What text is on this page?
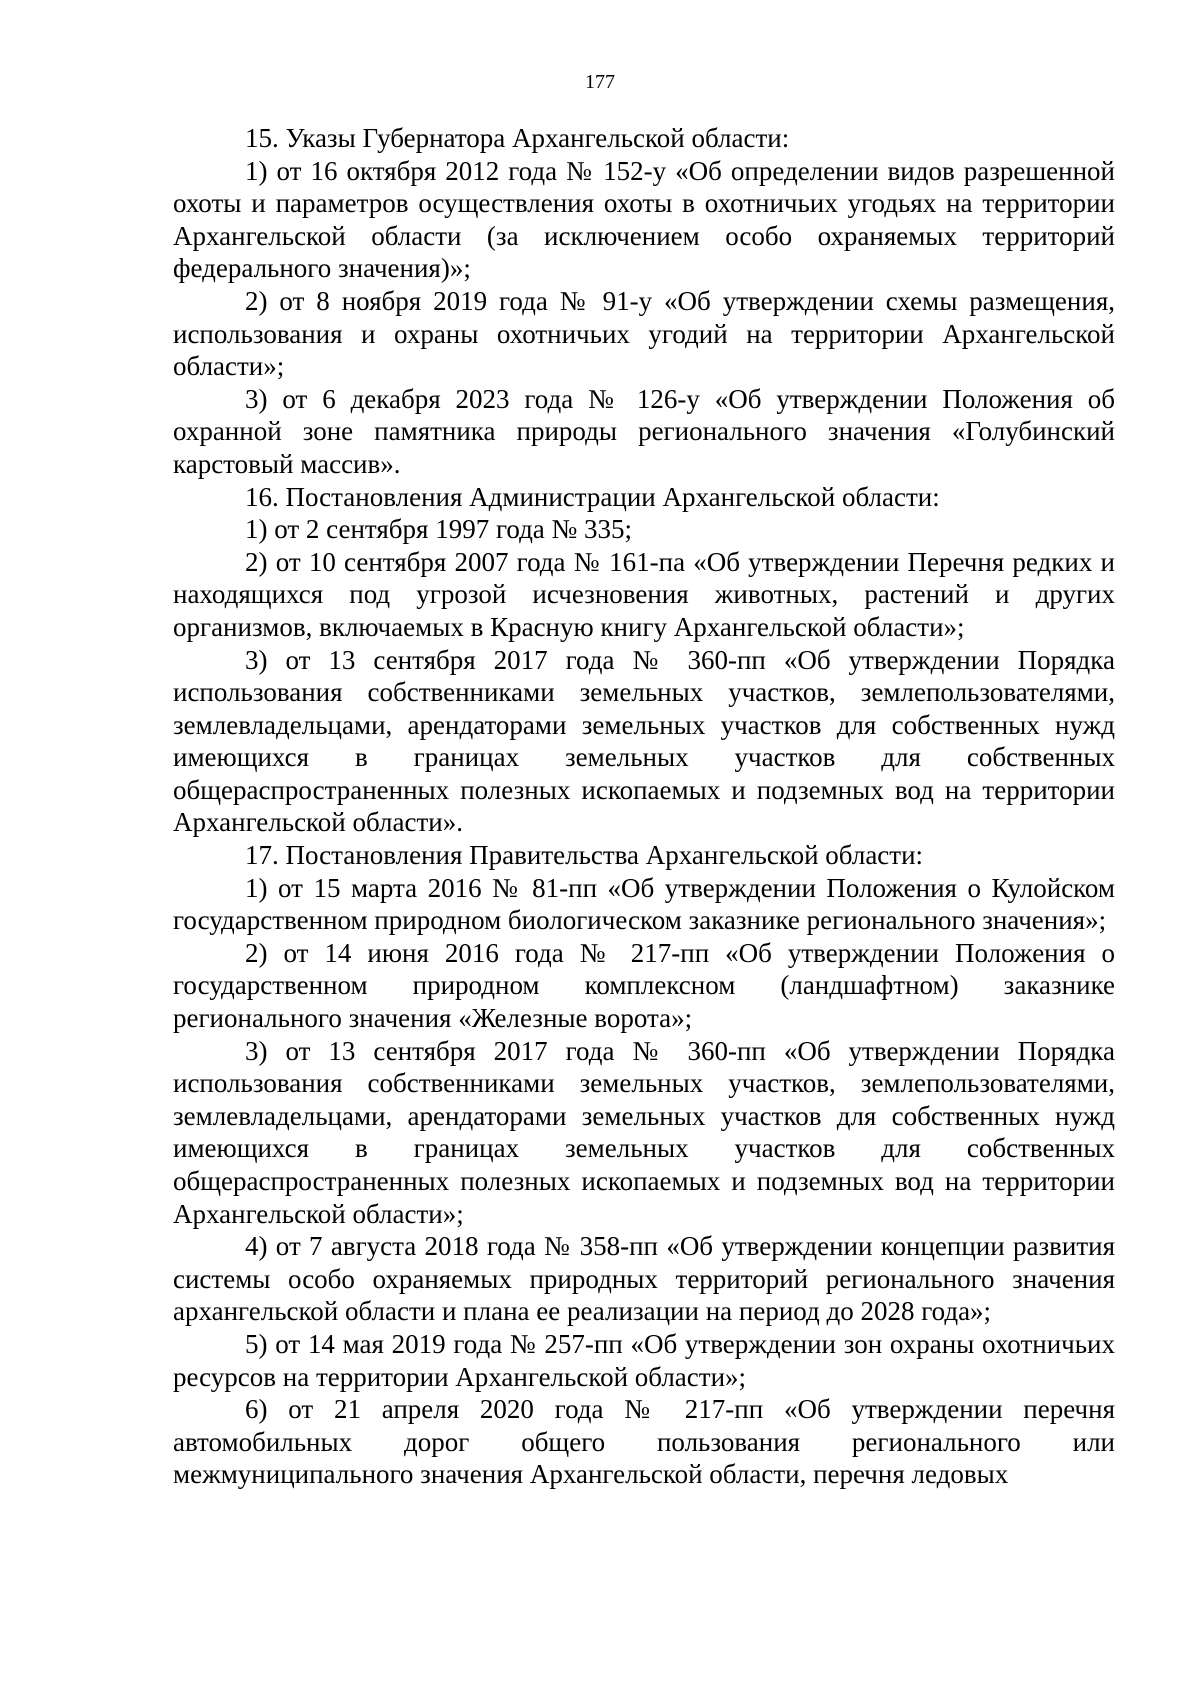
177

15. Указы Губернатора Архангельской области:

1) от 16 октября 2012 года № 152-у «Об определении видов разрешенной охоты и параметров осуществления охоты в охотничьих угодьях на территории Архангельской области (за исключением особо охраняемых территорий федерального значения)»;

2) от 8 ноября 2019 года № 91-у «Об утверждении схемы размещения, использования и охраны охотничьих угодий на территории Архангельской области»;

3) от 6 декабря 2023 года № 126-у «Об утверждении Положения об охранной зоне памятника природы регионального значения «Голубинский карстовый массив».

16. Постановления Администрации Архангельской области:

1) от 2 сентября 1997 года № 335;

2) от 10 сентября 2007 года № 161-па «Об утверждении Перечня редких и находящихся под угрозой исчезновения животных, растений и других организмов, включаемых в Красную книгу Архангельской области»;

3) от 13 сентября 2017 года № 360-пп «Об утверждении Порядка использования собственниками земельных участков, землепользователями, землевладельцами, арендаторами земельных участков для собственных нужд имеющихся в границах земельных участков для собственных общераспространенных полезных ископаемых и подземных вод на территории Архангельской области».

17. Постановления Правительства Архангельской области:

1) от 15 марта 2016 № 81-пп «Об утверждении Положения о Кулойском государственном природном биологическом заказнике регионального значения»;

2) от 14 июня 2016 года № 217-пп «Об утверждении Положения о государственном природном комплексном (ландшафтном) заказнике регионального значения «Железные ворота»;

3) от 13 сентября 2017 года № 360-пп «Об утверждении Порядка использования собственниками земельных участков, землепользователями, землевладельцами, арендаторами земельных участков для собственных нужд имеющихся в границах земельных участков для собственных общераспространенных полезных ископаемых и подземных вод на территории Архангельской области»;

4) от 7 августа 2018 года № 358-пп «Об утверждении концепции развития системы особо охраняемых природных территорий регионального значения архангельской области и плана ее реализации на период до 2028 года»;

5) от 14 мая 2019 года № 257-пп «Об утверждении зон охраны охотничьих ресурсов на территории Архангельской области»;

6) от 21 апреля 2020 года № 217-пп «Об утверждении перечня автомобильных дорог общего пользования регионального или межмуниципального значения Архангельской области, перечня ледовых
